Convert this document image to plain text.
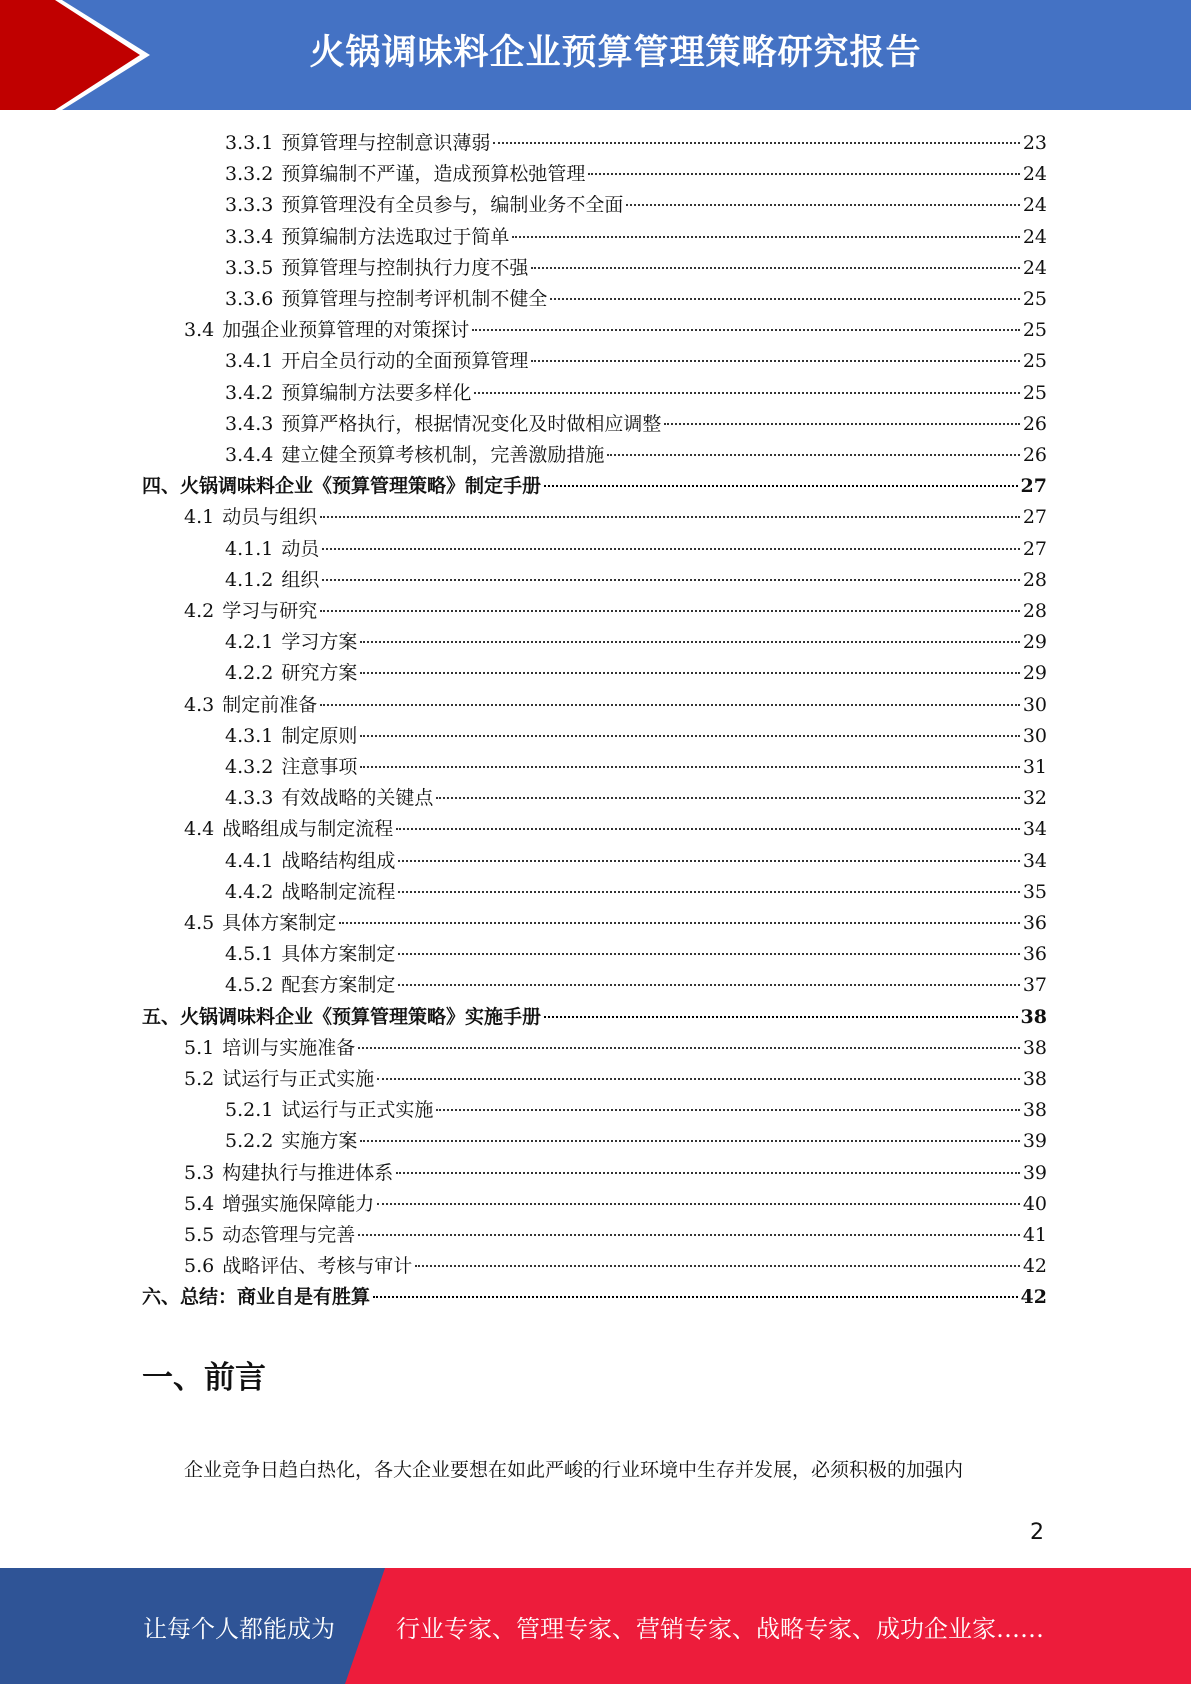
火锅调味料企业预算管理策略研究报告
3.3.1 预算管理与控制意识薄弱	23
3.3.2 预算编制不严谨，造成预算松弛管理	24
3.3.3 预算管理没有全员参与，编制业务不全面	24
3.3.4 预算编制方法选取过于简单	24
3.3.5 预算管理与控制执行力度不强	24
3.3.6 预算管理与控制考评机制不健全	25
3.4 加强企业预算管理的对策探讨	25
3.4.1 开启全员行动的全面预算管理	25
3.4.2 预算编制方法要多样化	25
3.4.3 预算严格执行，根据情况变化及时做相应调整	26
3.4.4 建立健全预算考核机制，完善激励措施	26
四、火锅调味料企业《预算管理策略》制定手册	27
4.1 动员与组织	27
4.1.1 动员	27
4.1.2 组织	28
4.2 学习与研究	28
4.2.1 学习方案	29
4.2.2 研究方案	29
4.3 制定前准备	30
4.3.1 制定原则	30
4.3.2 注意事项	31
4.3.3 有效战略的关键点	32
4.4 战略组成与制定流程	34
4.4.1 战略结构组成	34
4.4.2 战略制定流程	35
4.5 具体方案制定	36
4.5.1 具体方案制定	36
4.5.2 配套方案制定	37
五、火锅调味料企业《预算管理策略》实施手册	38
5.1 培训与实施准备	38
5.2 试运行与正式实施	38
5.2.1 试运行与正式实施	38
5.2.2 实施方案	39
5.3 构建执行与推进体系	39
5.4 增强实施保障能力	40
5.5 动态管理与完善	41
5.6 战略评估、考核与审计	42
六、总结：商业自是有胜算	42
一、前言
企业竞争日趋白热化，各大企业要想在如此严峻的行业环境中生存并发展，必须积极的加强内
2
让每个人都能成为	行业专家、管理专家、营销专家、战略专家、成功企业家……
